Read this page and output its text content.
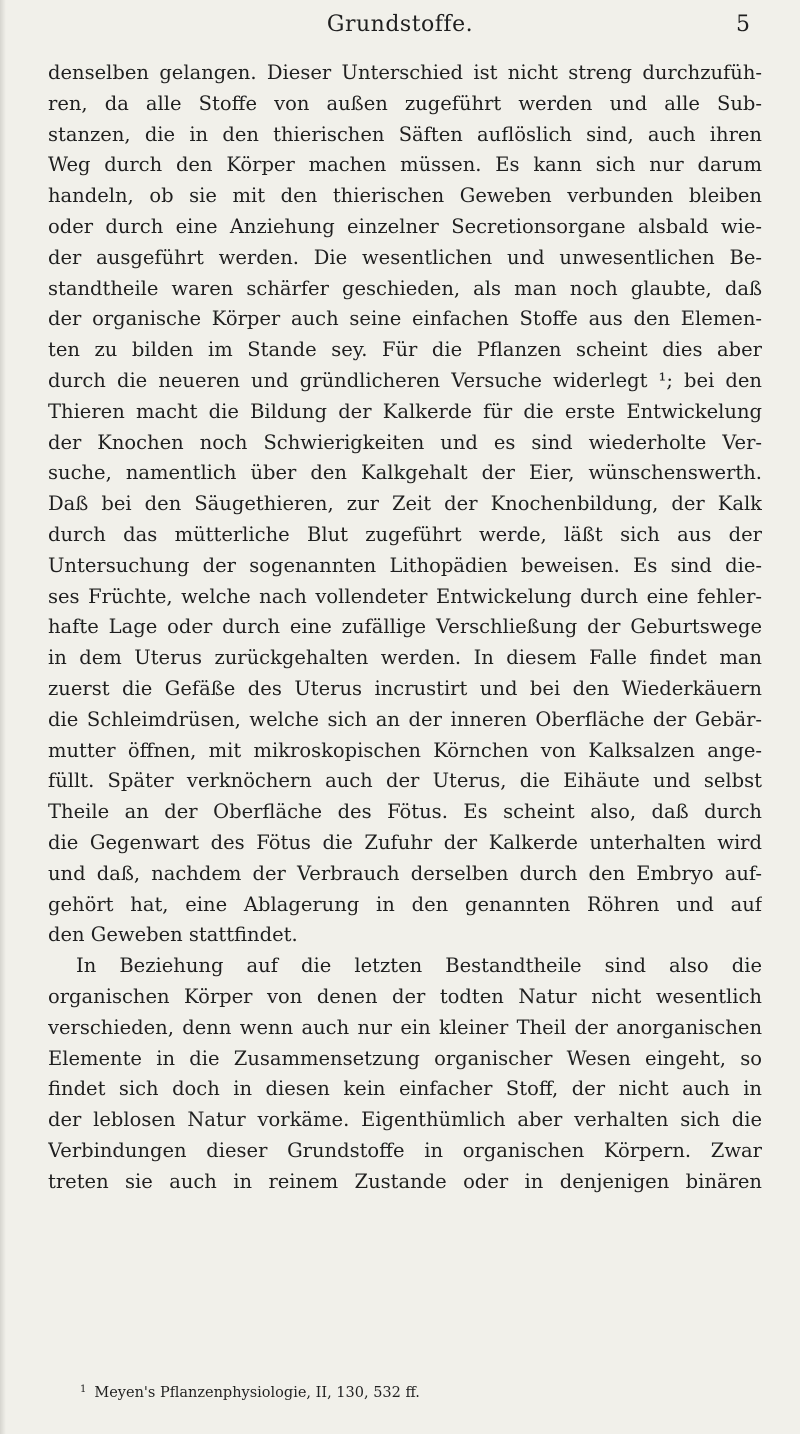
Grundstoffe.	5
denselben gelangen. Dieser Unterschied ist nicht streng durchzufüh-
ren, da alle Stoffe von außen zugeführt werden und alle Sub-
stanzen, die in den thierischen Säften auflöslich sind, auch ihren
Weg durch den Körper machen müssen. Es kann sich nur darum
handeln, ob sie mit den thierischen Geweben verbunden bleiben
oder durch eine Anziehung einzelner Secretionsorgane alsbald wie-
der ausgeführt werden. Die wesentlichen und unwesentlichen Be-
standtheile waren schärfer geschieden, als man noch glaubte, daß
der organische Körper auch seine einfachen Stoffe aus den Elemen-
ten zu bilden im Stande sey. Für die Pflanzen scheint dies aber
durch die neueren und gründlicheren Versuche widerlegt ¹; bei den
Thieren macht die Bildung der Kalkerde für die erste Entwickelung
der Knochen noch Schwierigkeiten und es sind wiederholte Ver-
suche, namentlich über den Kalkgehalt der Eier, wünschenswerth.
Daß bei den Säugethieren, zur Zeit der Knochenbildung, der Kalk
durch das mütterliche Blut zugeführt werde, läßt sich aus der
Untersuchung der sogenannten Lithopädien beweisen. Es sind die-
ses Früchte, welche nach vollendeter Entwickelung durch eine fehler-
hafte Lage oder durch eine zufällige Verschließung der Geburtswege
in dem Uterus zurückgehalten werden. In diesem Falle findet man
zuerst die Gefäße des Uterus incrustirt und bei den Wiederkäuern
die Schleimdrüsen, welche sich an der inneren Oberfläche der Gebär-
mutter öffnen, mit mikroskopischen Körnchen von Kalksalzen ange-
füllt. Später verknöchern auch der Uterus, die Eihäute und selbst
Theile an der Oberfläche des Fötus. Es scheint also, daß durch
die Gegenwart des Fötus die Zufuhr der Kalkerde unterhalten wird
und daß, nachdem der Verbrauch derselben durch den Embryo auf-
gehört hat, eine Ablagerung in den genannten Röhren und auf
den Geweben stattfindet.
In Beziehung auf die letzten Bestandtheile sind also die
organischen Körper von denen der todten Natur nicht wesentlich
verschieden, denn wenn auch nur ein kleiner Theil der anorganischen
Elemente in die Zusammensetzung organischer Wesen eingeht, so
findet sich doch in diesen kein einfacher Stoff, der nicht auch in
der leblosen Natur vorkäme. Eigenthümlich aber verhalten sich die
Verbindungen dieser Grundstoffe in organischen Körpern. Zwar
treten sie auch in reinem Zustande oder in denjenigen binären
$^1$ Meyen's Pflanzenphysiologie, II, 130, 532 ff.
